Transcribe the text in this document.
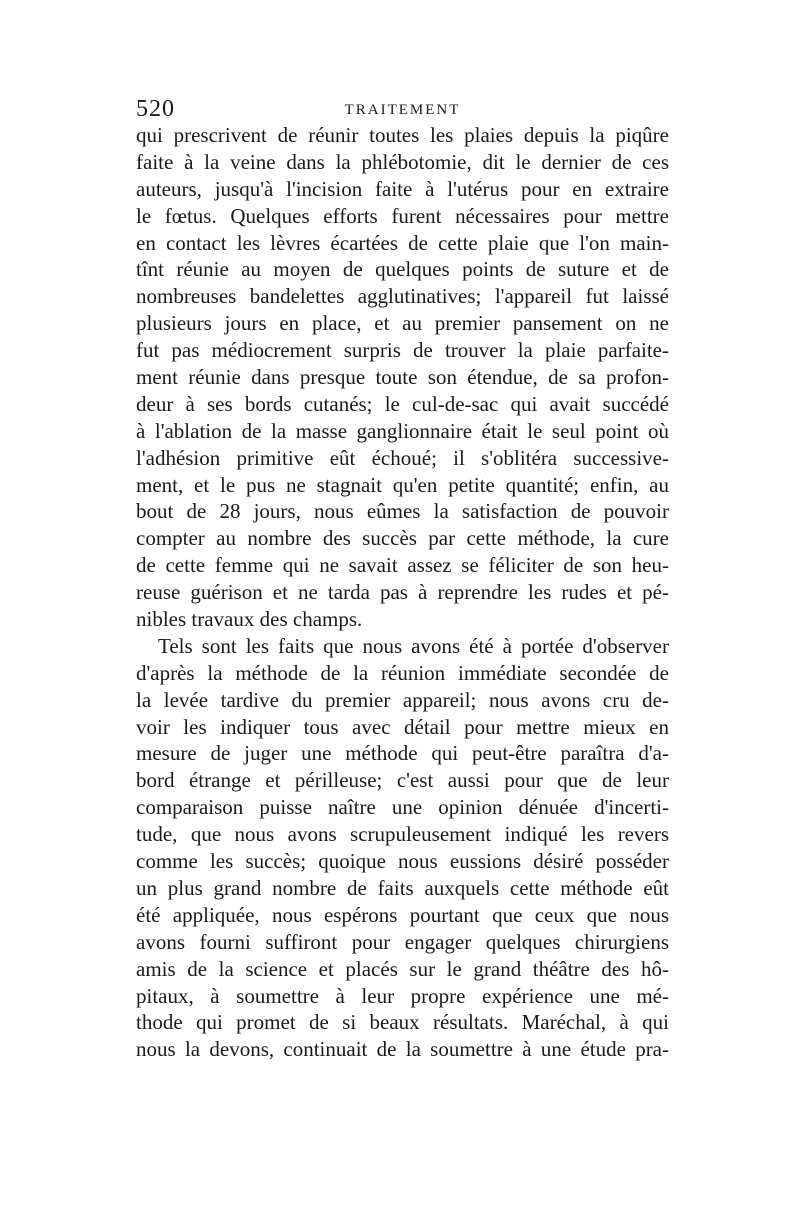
520	TRAITEMENT
qui prescrivent de réunir toutes les plaies depuis la piqûre
faite à la veine dans la phlébotomie, dit le dernier de ces
auteurs, jusqu'à l'incision faite à l'utérus pour en extraire
le fœtus. Quelques efforts furent nécessaires pour mettre
en contact les lèvres écartées de cette plaie que l'on main-
tînt réunie au moyen de quelques points de suture et de
nombreuses bandelettes agglutinatives; l'appareil fut laissé
plusieurs jours en place, et au premier pansement on ne
fut pas médiocrement surpris de trouver la plaie parfaite-
ment réunie dans presque toute son étendue, de sa profon-
deur à ses bords cutanés; le cul-de-sac qui avait succédé
à l'ablation de la masse ganglionnaire était le seul point où
l'adhésion primitive eût échoué; il s'oblitéra successive-
ment, et le pus ne stagnait qu'en petite quantité; enfin, au
bout de 28 jours, nous eûmes la satisfaction de pouvoir
compter au nombre des succès par cette méthode, la cure
de cette femme qui ne savait assez se féliciter de son heu-
reuse guérison et ne tarda pas à reprendre les rudes et pé-
nibles travaux des champs.
Tels sont les faits que nous avons été à portée d'observer
d'après la méthode de la réunion immédiate secondée de
la levée tardive du premier appareil; nous avons cru de-
voir les indiquer tous avec détail pour mettre mieux en
mesure de juger une méthode qui peut-être paraîtra d'a-
bord étrange et périlleuse; c'est aussi pour que de leur
comparaison puisse naître une opinion dénuée d'incerti-
tude, que nous avons scrupuleusement indiqué les revers
comme les succès; quoique nous eussions désiré posséder
un plus grand nombre de faits auxquels cette méthode eût
été appliquée, nous espérons pourtant que ceux que nous
avons fourni suffiront pour engager quelques chirurgiens
amis de la science et placés sur le grand théâtre des hô-
pitaux, à soumettre à leur propre expérience une mé-
thode qui promet de si beaux résultats. Maréchal, à qui
nous la devons, continuait de la soumettre à une étude pra-
